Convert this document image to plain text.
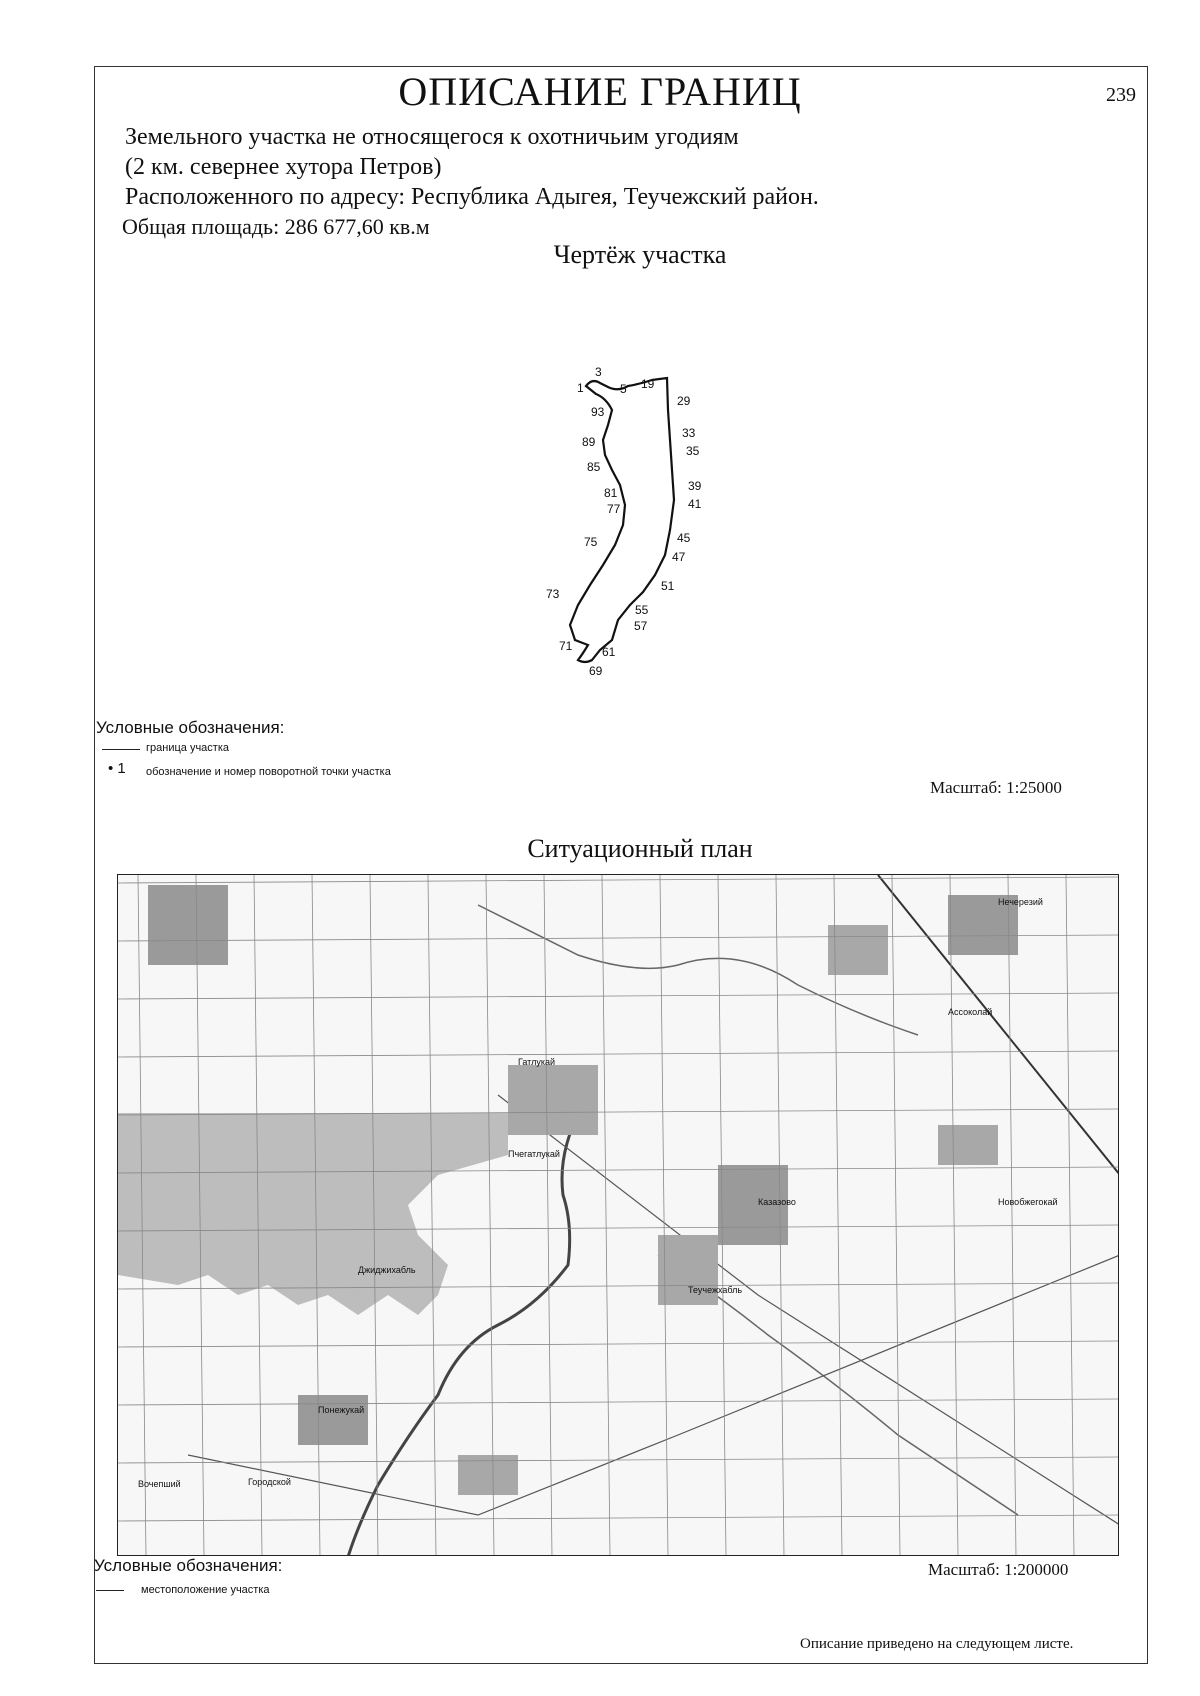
ОПИСАНИЕ ГРАНИЦ	239
Земельного участка не относящегося к охотничьим угодиям
(2 км. севернее хутора Петров)
Расположенного по адресу: Республика Адыгея, Теучежский район.
Общая площадь: 286 677,60 кв.м
Чертёж участка
1
3
5 19
29
33
35
39
41
45
47
51
55
57
61
69
71
73
75
77
81
85
89
93
Условные обозначения:
граница участка
• 1 обозначение и номер поворотной точки участка
Масштаб: 1:25000
Ситуационный план
Пчегатлукай
Казазово
Теучежхабль
Понежукай
Новобжегокай
Городской
Вочепший
Ассоколай
Джиджихабль
Нечерезий
Гатлукай
Условные обозначения:
местоположение участка
Масштаб: 1:200000
Описание приведено на следующем листе.
